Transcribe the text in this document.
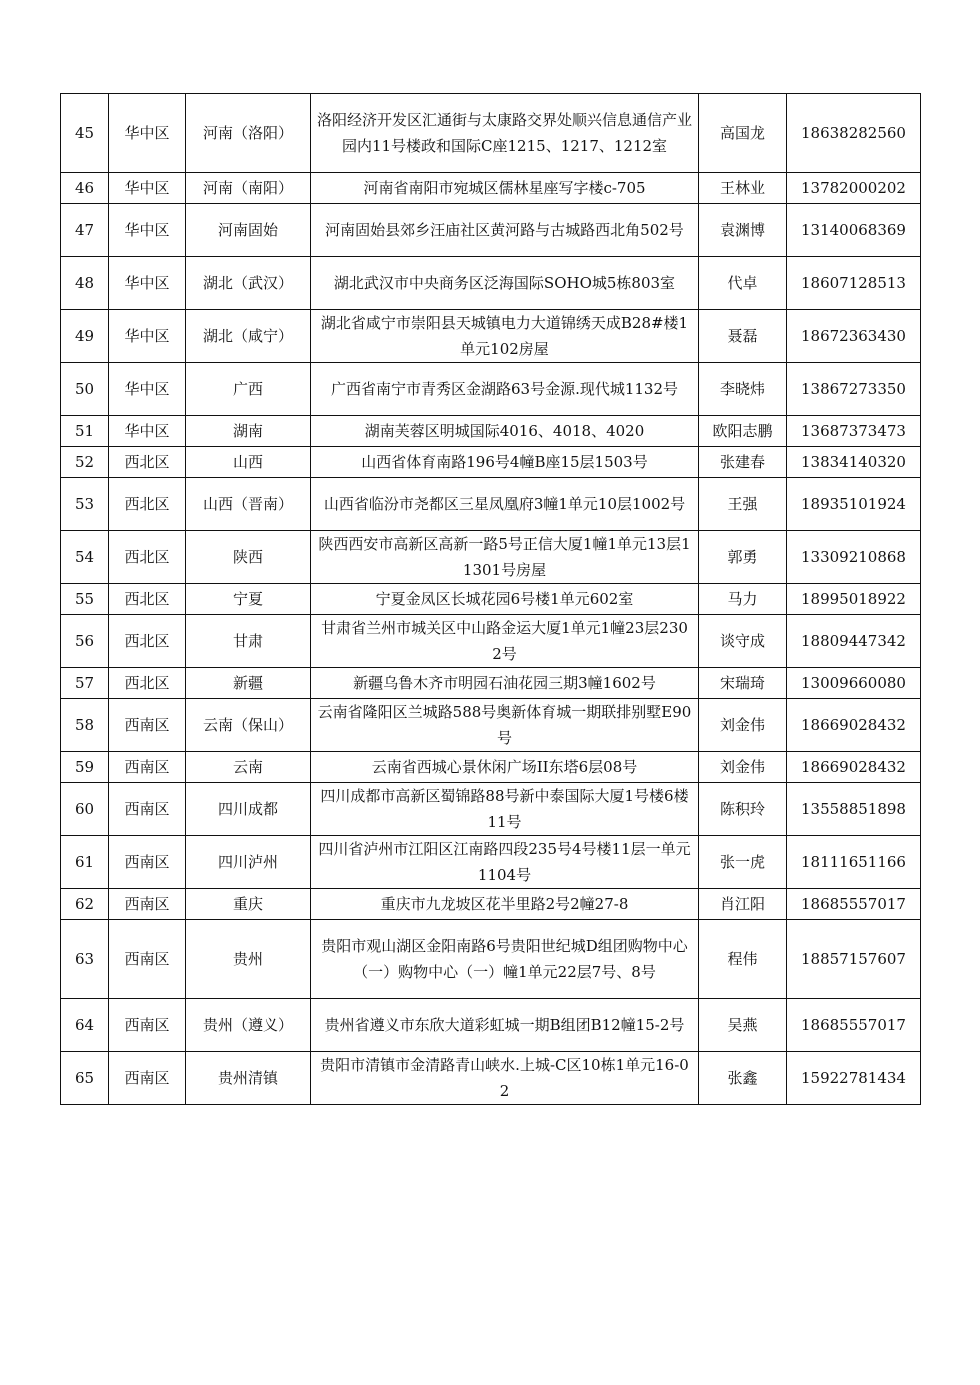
45	华中区	河南（洛阳）	洛阳经济开发区汇通街与太康路交界处顺兴信息通信产业园内11号楼政和国际C座1215、1217、1212室	高国龙	18638282560
46	华中区	河南（南阳）	河南省南阳市宛城区儒林星座写字楼c-705	王林业	13782000202
47	华中区	河南固始	河南固始县郊乡汪庙社区黄河路与古城路西北角502号	袁渊博	13140068369
48	华中区	湖北（武汉）	湖北武汉市中央商务区泛海国际SOHO城5栋803室	代卓	18607128513
49	华中区	湖北（咸宁）	湖北省咸宁市崇阳县天城镇电力大道锦绣天成B28#楼1单元102房屋	聂磊	18672363430
50	华中区	广西	广西省南宁市青秀区金湖路63号金源.现代城1132号	李晓炜	13867273350
51	华中区	湖南	湖南芙蓉区明城国际4016、4018、4020	欧阳志鹏	13687373473
52	西北区	山西	山西省体育南路196号4幢B座15层1503号	张建春	13834140320
53	西北区	山西（晋南）	山西省临汾市尧都区三星凤凰府3幢1单元10层1002号	王强	18935101924
54	西北区	陕西	陕西西安市高新区高新一路5号正信大厦1幢1单元13层11301号房屋	郭勇	13309210868
55	西北区	宁夏	宁夏金凤区长城花园6号楼1单元602室	马力	18995018922
56	西北区	甘肃	甘肃省兰州市城关区中山路金运大厦1单元1幢23层2302号	谈守成	18809447342
57	西北区	新疆	新疆乌鲁木齐市明园石油花园三期3幢1602号	宋瑞琦	13009660080
58	西南区	云南（保山）	云南省隆阳区兰城路588号奥新体育城一期联排别墅E90号	刘金伟	18669028432
59	西南区	云南	云南省西城心景休闲广场II东塔6层08号	刘金伟	18669028432
60	西南区	四川成都	四川成都市高新区蜀锦路88号新中泰国际大厦1号楼6楼11号	陈积玲	13558851898
61	西南区	四川泸州	四川省泸州市江阳区江南路四段235号4号楼11层一单元1104号	张一虎	18111651166
62	西南区	重庆	重庆市九龙坡区花半里路2号2幢27-8	肖江阳	18685557017
63	西南区	贵州	贵阳市观山湖区金阳南路6号贵阳世纪城D组团购物中心（一）购物中心（一）幢1单元22层7号、8号	程伟	18857157607
64	西南区	贵州（遵义）	贵州省遵义市东欣大道彩虹城一期B组团B12幢15-2号	吴燕	18685557017
65	西南区	贵州清镇	贵阳市清镇市金清路青山峡水.上城-C区10栋1单元16-02	张鑫	15922781434
